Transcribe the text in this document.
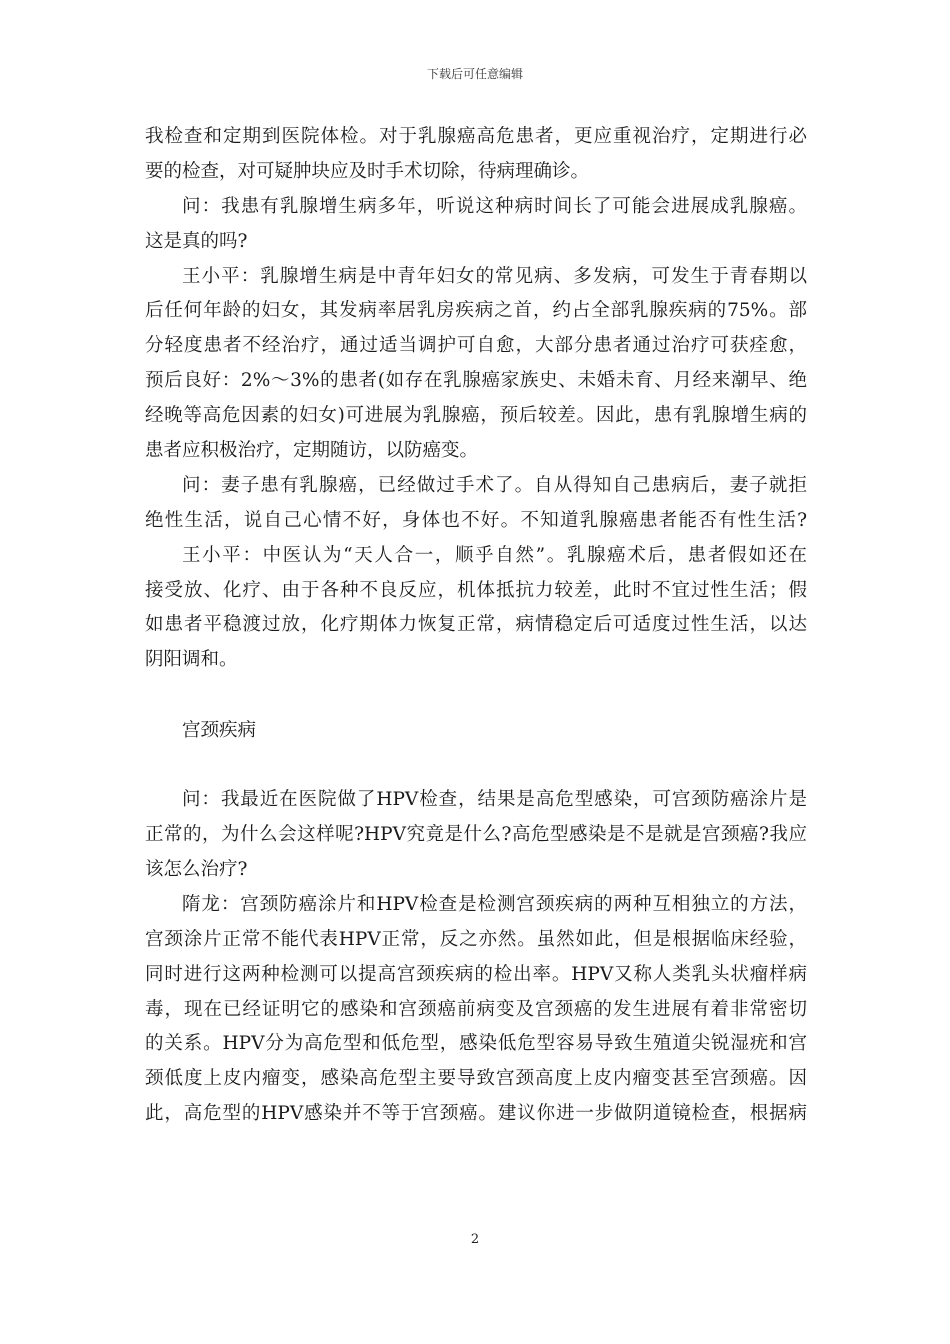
下载后可任意编辑
我检查和定期到医院体检。对于乳腺癌高危患者，更应重视治疗，定期进行必
要的检查，对可疑肿块应及时手术切除，待病理确诊。
问：我患有乳腺增生病多年，听说这种病时间长了可能会进展成乳腺癌。
这是真的吗?
王小平：乳腺增生病是中青年妇女的常见病、多发病，可发生于青春期以
后任何年龄的妇女，其发病率居乳房疾病之首，约占全部乳腺疾病的75%。部
分轻度患者不经治疗，通过适当调护可自愈，大部分患者通过治疗可获痊愈，
预后良好：2%～3%的患者(如存在乳腺癌家族史、未婚未育、月经来潮早、绝
经晚等高危因素的妇女)可进展为乳腺癌，预后较差。因此，患有乳腺增生病的
患者应积极治疗，定期随访，以防癌变。
问：妻子患有乳腺癌，已经做过手术了。自从得知自己患病后，妻子就拒
绝性生活，说自己心情不好，身体也不好。不知道乳腺癌患者能否有性生活?
王小平：中医认为“天人合一，顺乎自然”。乳腺癌术后，患者假如还在
接受放、化疗、由于各种不良反应，机体抵抗力较差，此时不宜过性生活；假
如患者平稳渡过放，化疗期体力恢复正常，病情稳定后可适度过性生活，以达
阴阳调和。
宫颈疾病
问：我最近在医院做了HPV检查，结果是高危型感染，可宫颈防癌涂片是
正常的，为什么会这样呢?HPV究竟是什么?高危型感染是不是就是宫颈癌?我应
该怎么治疗?
隋龙：宫颈防癌涂片和HPV检查是检测宫颈疾病的两种互相独立的方法，
宫颈涂片正常不能代表HPV正常，反之亦然。虽然如此，但是根据临床经验，
同时进行这两种检测可以提高宫颈疾病的检出率。HPV又称人类乳头状瘤样病
毒，现在已经证明它的感染和宫颈癌前病变及宫颈癌的发生进展有着非常密切
的关系。HPV分为高危型和低危型，感染低危型容易导致生殖道尖锐湿疣和宫
颈低度上皮内瘤变，感染高危型主要导致宫颈高度上皮内瘤变甚至宫颈癌。因
此，高危型的HPV感染并不等于宫颈癌。建议你进一步做阴道镜检查，根据病
2
